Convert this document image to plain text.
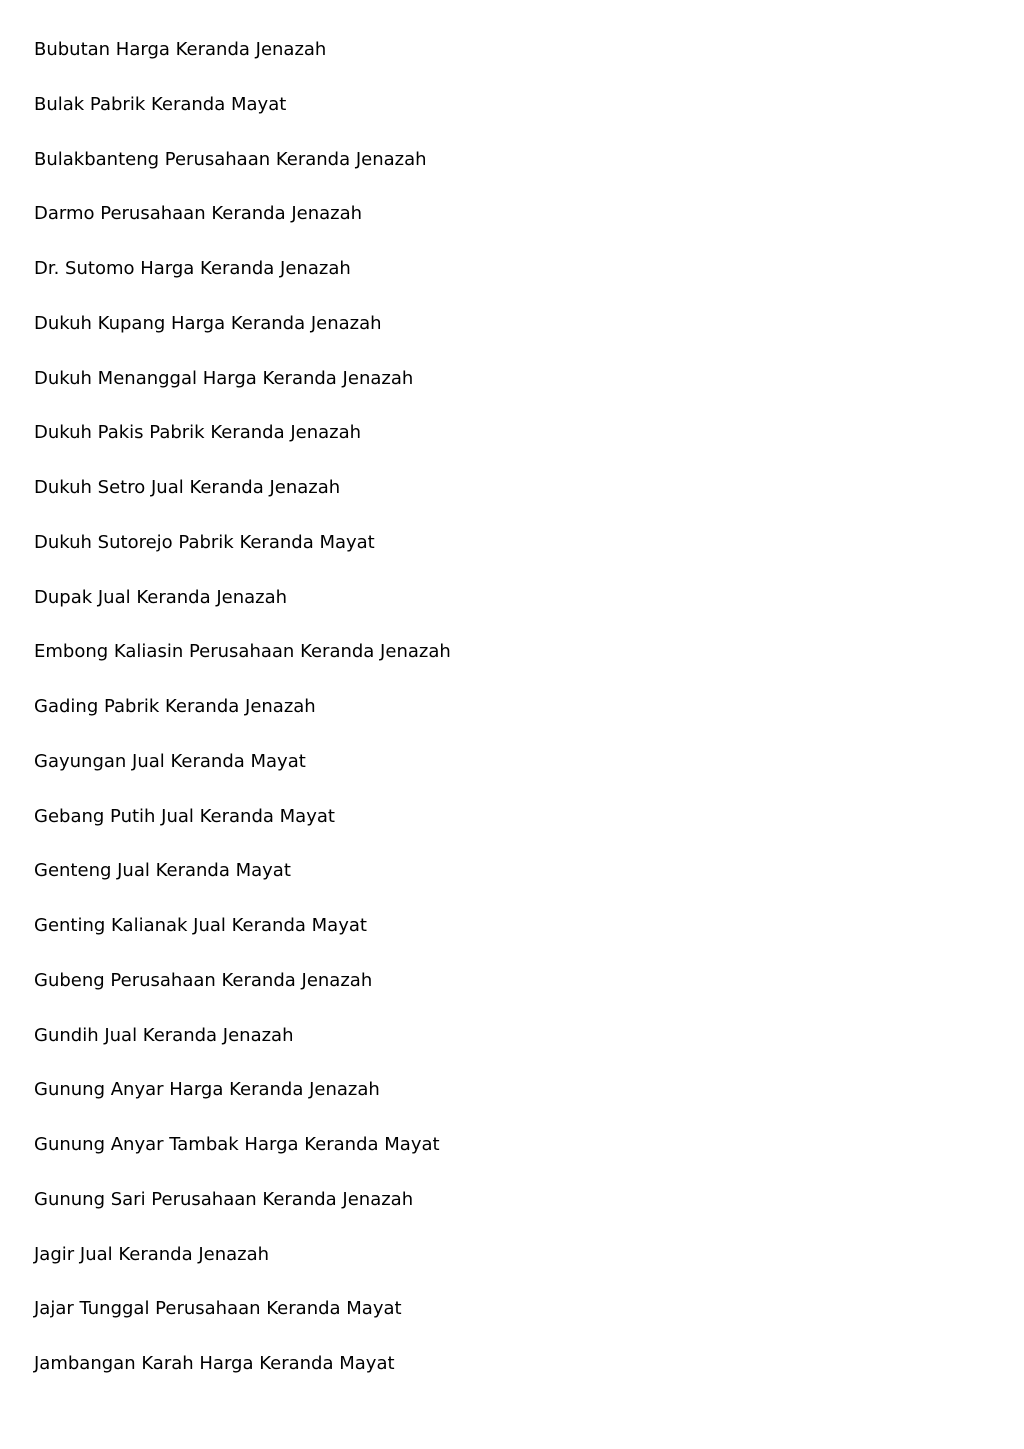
Bubutan Harga Keranda Jenazah
Bulak Pabrik Keranda Mayat
Bulakbanteng Perusahaan Keranda Jenazah
Darmo Perusahaan Keranda Jenazah
Dr. Sutomo Harga Keranda Jenazah
Dukuh Kupang Harga Keranda Jenazah
Dukuh Menanggal Harga Keranda Jenazah
Dukuh Pakis Pabrik Keranda Jenazah
Dukuh Setro Jual Keranda Jenazah
Dukuh Sutorejo Pabrik Keranda Mayat
Dupak Jual Keranda Jenazah
Embong Kaliasin Perusahaan Keranda Jenazah
Gading Pabrik Keranda Jenazah
Gayungan Jual Keranda Mayat
Gebang Putih Jual Keranda Mayat
Genteng Jual Keranda Mayat
Genting Kalianak Jual Keranda Mayat
Gubeng Perusahaan Keranda Jenazah
Gundih Jual Keranda Jenazah
Gunung Anyar Harga Keranda Jenazah
Gunung Anyar Tambak Harga Keranda Mayat
Gunung Sari Perusahaan Keranda Jenazah
Jagir Jual Keranda Jenazah
Jajar Tunggal Perusahaan Keranda Mayat
Jambangan Karah Harga Keranda Mayat
